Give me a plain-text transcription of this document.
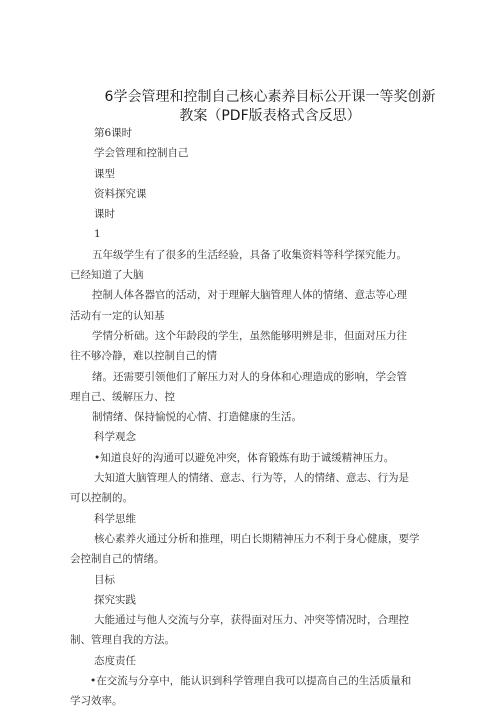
6学会管理和控制自己核心素养目标公开课一等奖创新
教案（PDF版表格式含反思）
第6课时
学会管理和控制自己
课型
资料探究课
课时
1
五年级学生有了很多的生活经验，具备了收集资料等科学探究能力。
已经知道了大脑
控制人体各器官的活动，对于理解大脑管理人体的情绪、意志等心理
活动有一定的认知基
学情分析础。这个年龄段的学生，虽然能够明辨是非，但面对压力往
往不够冷静，难以控制自己的情
绪。还需要引领他们了解压力对人的身体和心理造成的影响，学会管
理自己、缓解压力、控
制情绪、保持愉悦的心情、打造健康的生活。
科学观念
•知道良好的沟通可以避免冲突，体育锻炼有助于诚缓精神压力。
大知道大脑管理人的情绪、意志、行为等，人的情绪、意志、行为是
可以控制的。
科学思维
核心素养火通过分析和推理，明白长期精神压力不利于身心健康，要学
会控制自己的情绪。
目标
探究实践
大能通过与他人交流与分享，获得面对压力、冲突等情况时，合理控
制、管理自我的方法。
态度责任
•在交流与分享中，能认识到科学管理自我可以提高自己的生活质量和
学习效率。
